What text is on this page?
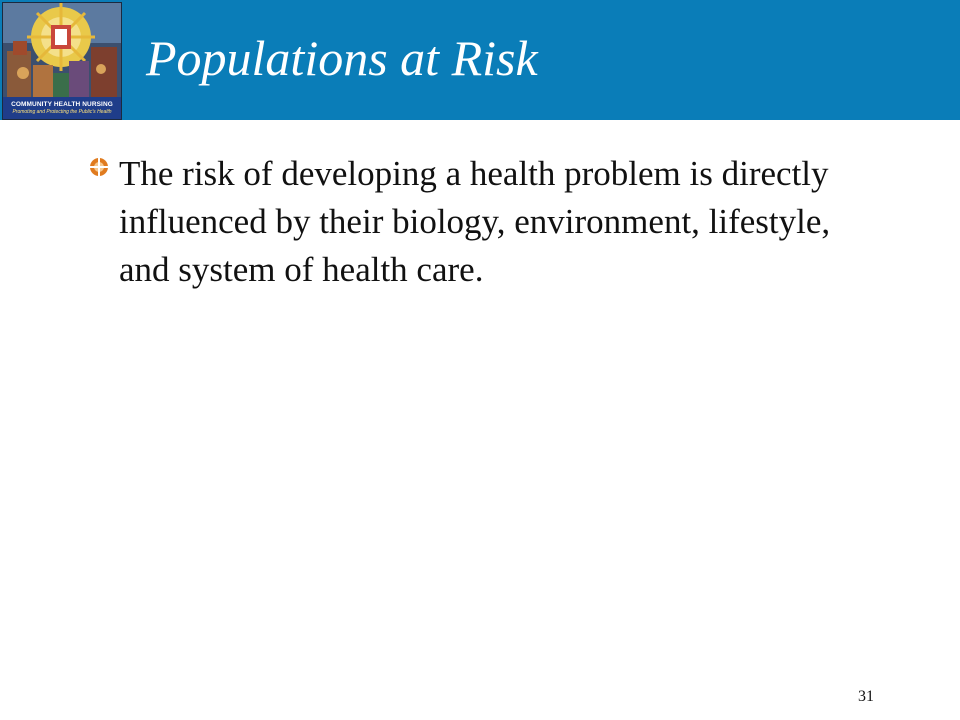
COMMUNITY HEALTH NURSING
Promoting and Protecting the Public's Health
Populations at Risk
The risk of developing a health problem is directly influenced by their biology, environment, lifestyle, and system of health care.
31
